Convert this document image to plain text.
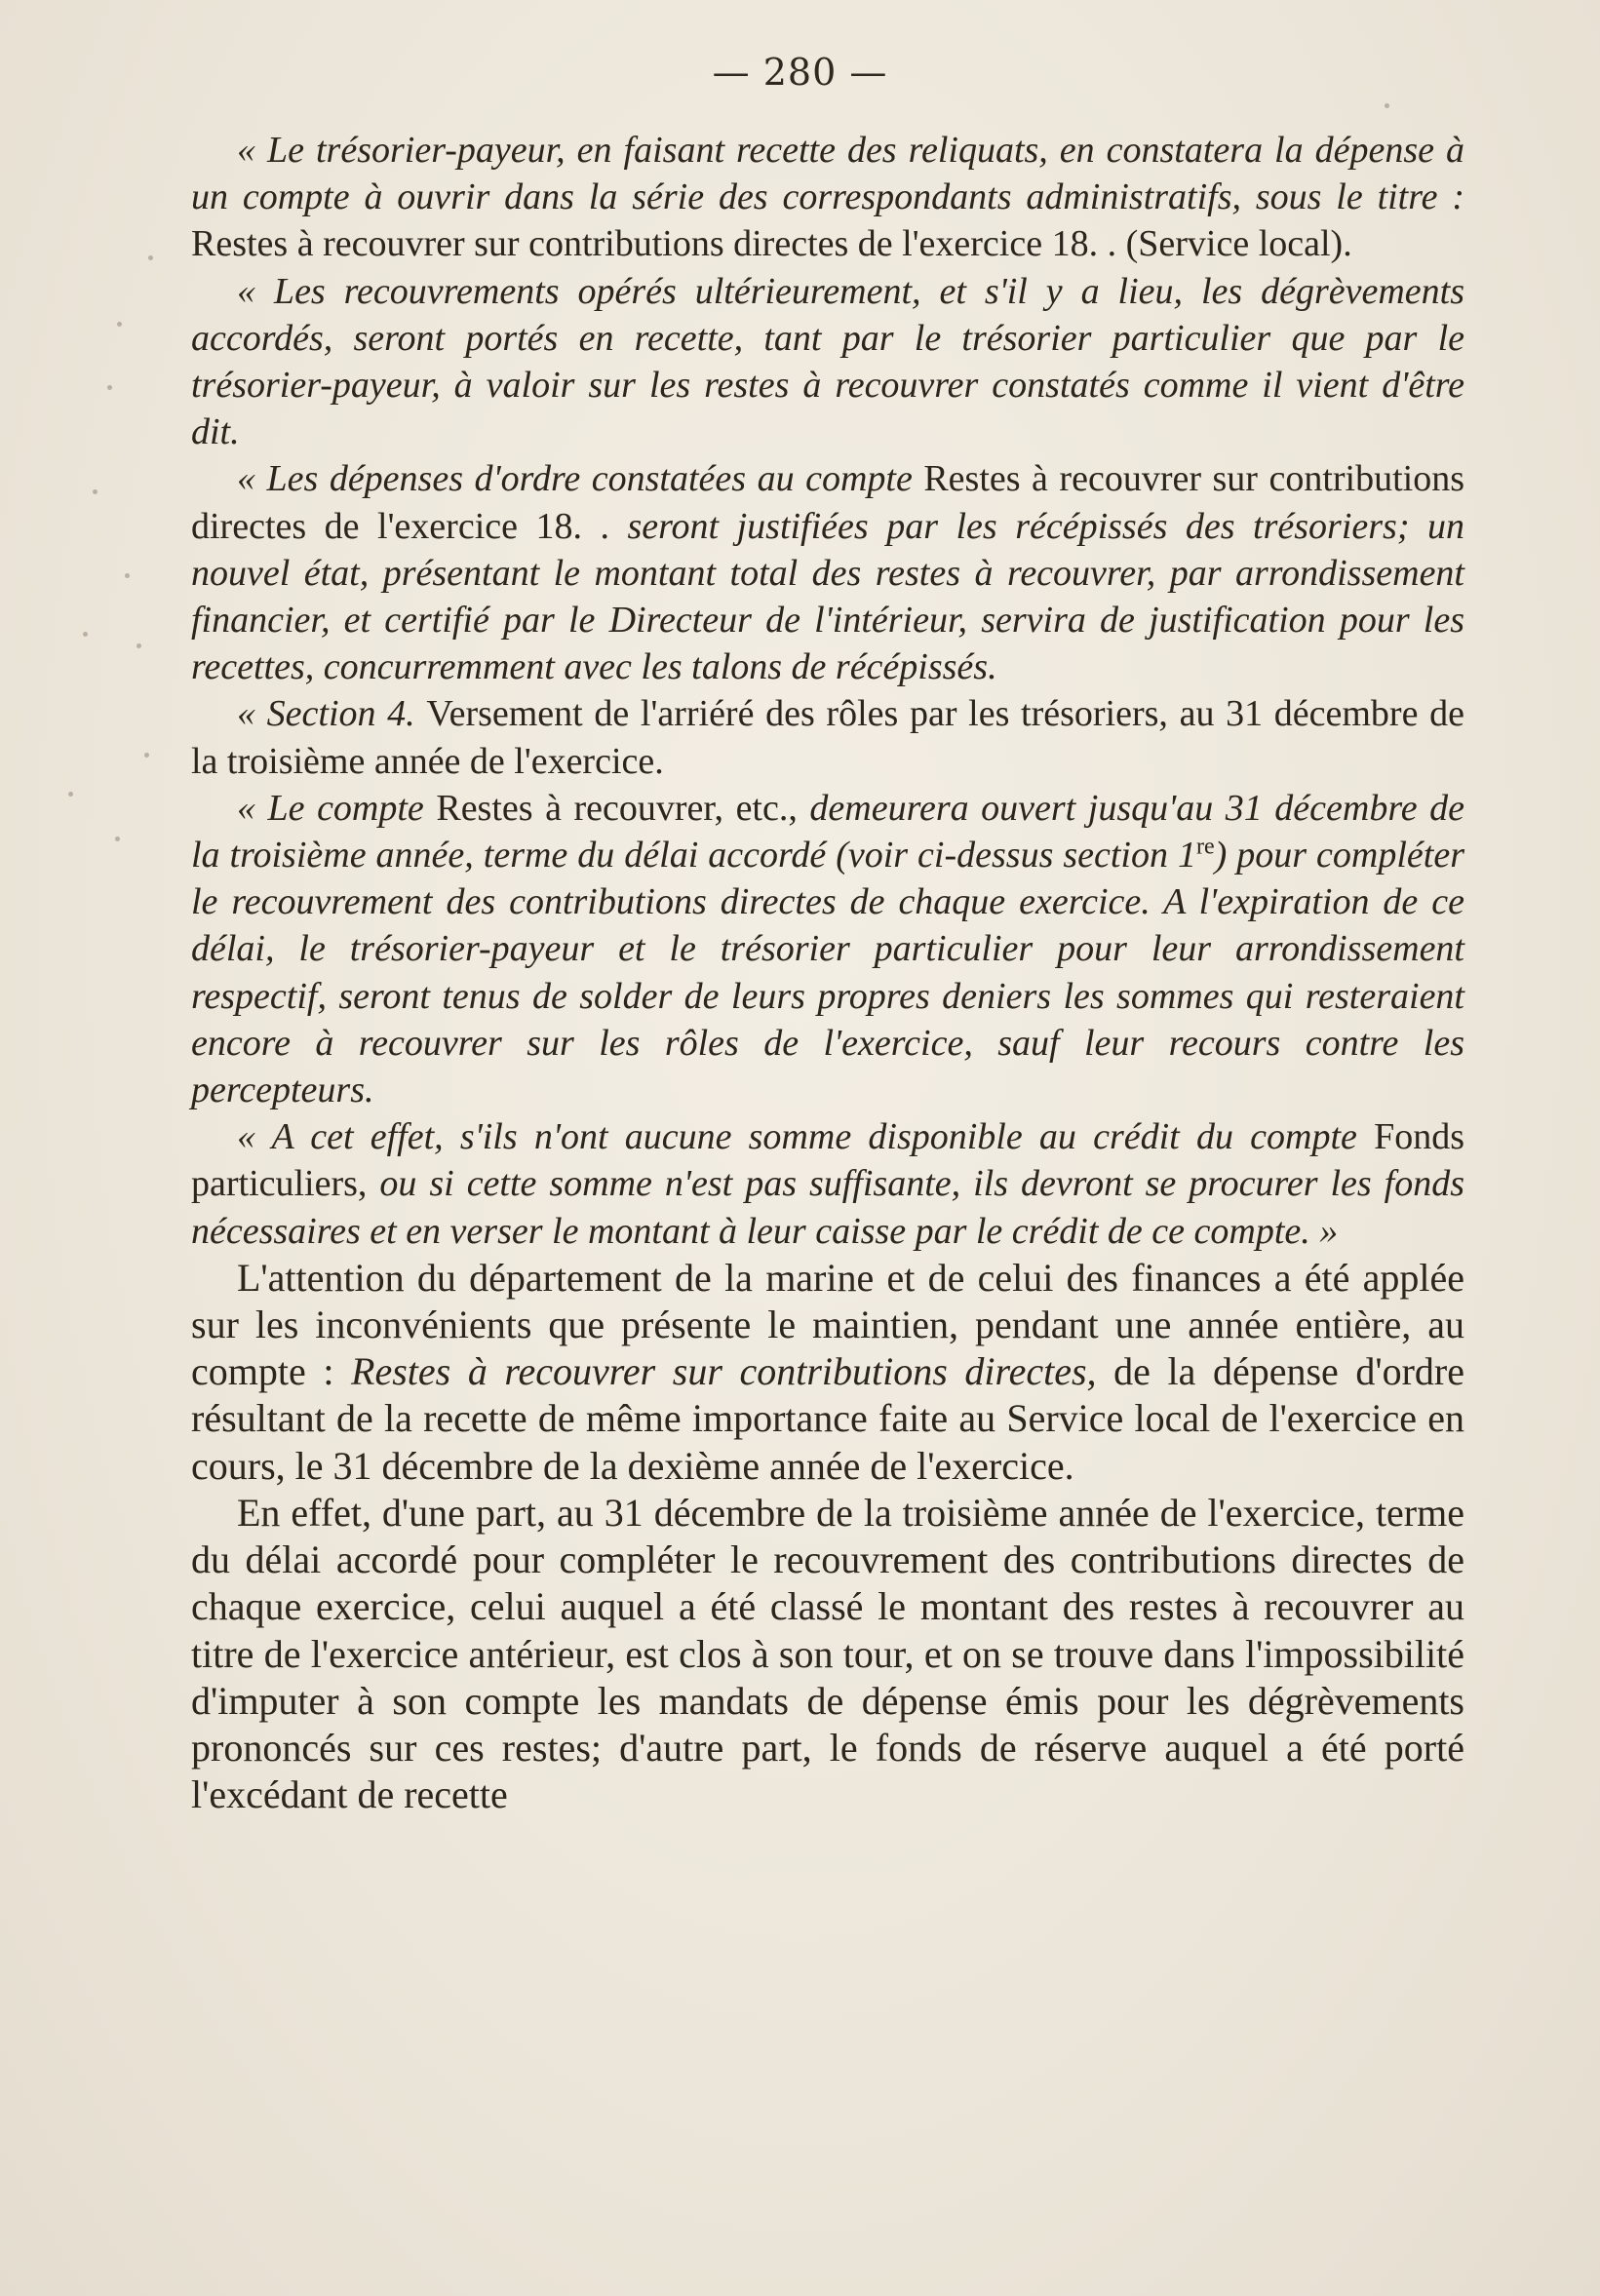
— 280 —

« Le trésorier-payeur, en faisant recette des reliquats, en constatera la dépense à un compte à ouvrir dans la série des correspondants administratifs, sous le titre : Restes à recouvrer sur contributions directes de l'exercice 18. . (Service local).

« Les recouvrements opérés ultérieurement, et s'il y a lieu, les dégrèvements accordés, seront portés en recette, tant par le trésorier particulier que par le trésorier-payeur, à valoir sur les restes à recouvrer constatés comme il vient d'être dit.

« Les dépenses d'ordre constatées au compte Restes à recouvrer sur contributions directes de l'exercice 18. . seront justifiées par les récépissés des trésoriers; un nouvel état, présentant le montant total des restes à recouvrer, par arrondissement financier, et certifié par le Directeur de l'intérieur, servira de justification pour les recettes, concurremment avec les talons de récépissés.

« Section 4. Versement de l'arriéré des rôles par les trésoriers, au 31 décembre de la troisième année de l'exercice.

« Le compte Restes à recouvrer, etc., demeurera ouvert jusqu'au 31 décembre de la troisième année, terme du délai accordé (voir ci-dessus section 1re) pour compléter le recouvrement des contributions directes de chaque exercice. A l'expiration de ce délai, le trésorier-payeur et le trésorier particulier pour leur arrondissement respectif, seront tenus de solder de leurs propres deniers les sommes qui resteraient encore à recouvrer sur les rôles de l'exercice, sauf leur recours contre les percepteurs.

« A cet effet, s'ils n'ont aucune somme disponible au crédit du compte Fonds particuliers, ou si cette somme n'est pas suffisante, ils devront se procurer les fonds nécessaires et en verser le montant à leur caisse par le crédit de ce compte. »

L'attention du département de la marine et de celui des finances a été applée sur les inconvénients que présente le maintien, pendant une année entière, au compte : Restes à recouvrer sur contributions directes, de la dépense d'ordre résultant de la recette de même importance faite au Service local de l'exercice en cours, le 31 décembre de la dexième année de l'exercice.

En effet, d'une part, au 31 décembre de la troisième année de l'exercice, terme du délai accordé pour compléter le recouvrement des contributions directes de chaque exercice, celui auquel a été classé le montant des restes à recouvrer au titre de l'exercice antérieur, est clos à son tour, et on se trouve dans l'impossibilité d'imputer à son compte les mandats de dépense émis pour les dégrèvements prononcés sur ces restes; d'autre part, le fonds de réserve auquel a été porté l'excédant de recette
